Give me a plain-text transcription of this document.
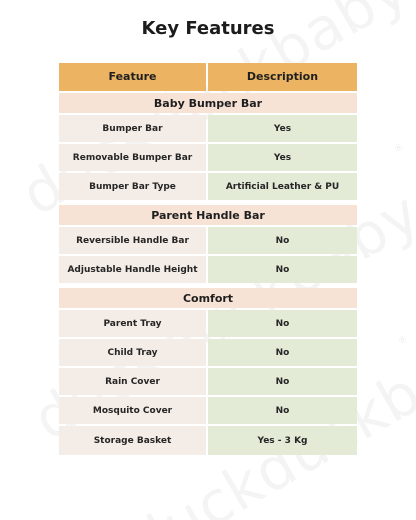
®
®
Key Features
Feature	Description
Baby Bumper Bar
Bumper Bar	Yes
Removable Bumper Bar	Yes
Bumper Bar Type	Artificial Leather & PU
Parent Handle Bar
Reversible Handle Bar	No
Adjustable Handle Height	No
Comfort
Parent Tray	No
Child Tray	No
Rain Cover	No
Mosquito Cover	No
Storage Basket	Yes - 3 Kg
